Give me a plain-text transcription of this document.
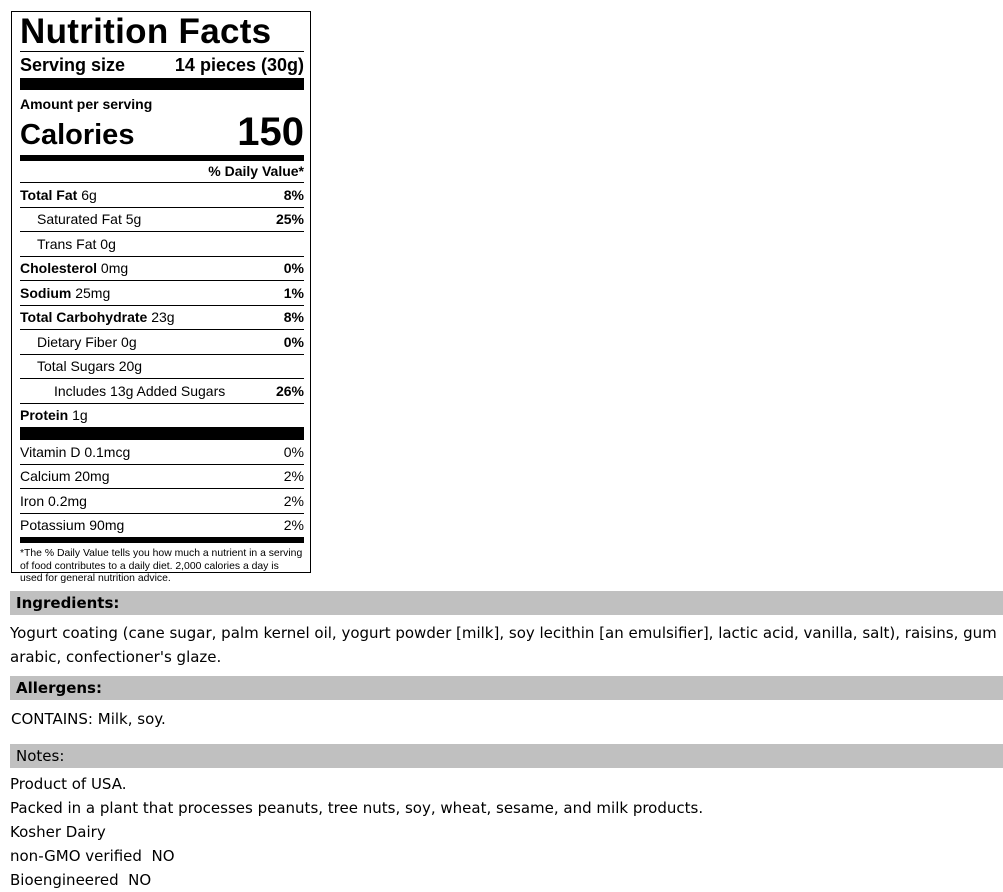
Nutrition Facts
Serving size	14 pieces (30g)
Amount per serving
Calories	150
% Daily Value*
Total Fat 6g	8%
Saturated Fat 5g	25%
Trans Fat 0g
Cholesterol 0mg	0%
Sodium 25mg	1%
Total Carbohydrate 23g	8%
Dietary Fiber 0g	0%
Total Sugars 20g
Includes 13g Added Sugars	26%
Protein 1g
Vitamin D 0.1mcg	0%
Calcium 20mg	2%
Iron 0.2mg	2%
Potassium 90mg	2%
*The % Daily Value tells you how much a nutrient in a serving of food contributes to a daily diet. 2,000 calories a day is used for general nutrition advice.
Ingredients:
Yogurt coating (cane sugar, palm kernel oil, yogurt powder [milk], soy lecithin [an emulsifier], lactic acid, vanilla, salt), raisins, gum arabic, confectioner's glaze.
Allergens:
CONTAINS: Milk, soy.
Notes:
Product of USA.
Packed in a plant that processes peanuts, tree nuts, soy, wheat, sesame, and milk products.
Kosher Dairy
non-GMO verified  NO
Bioengineered  NO
